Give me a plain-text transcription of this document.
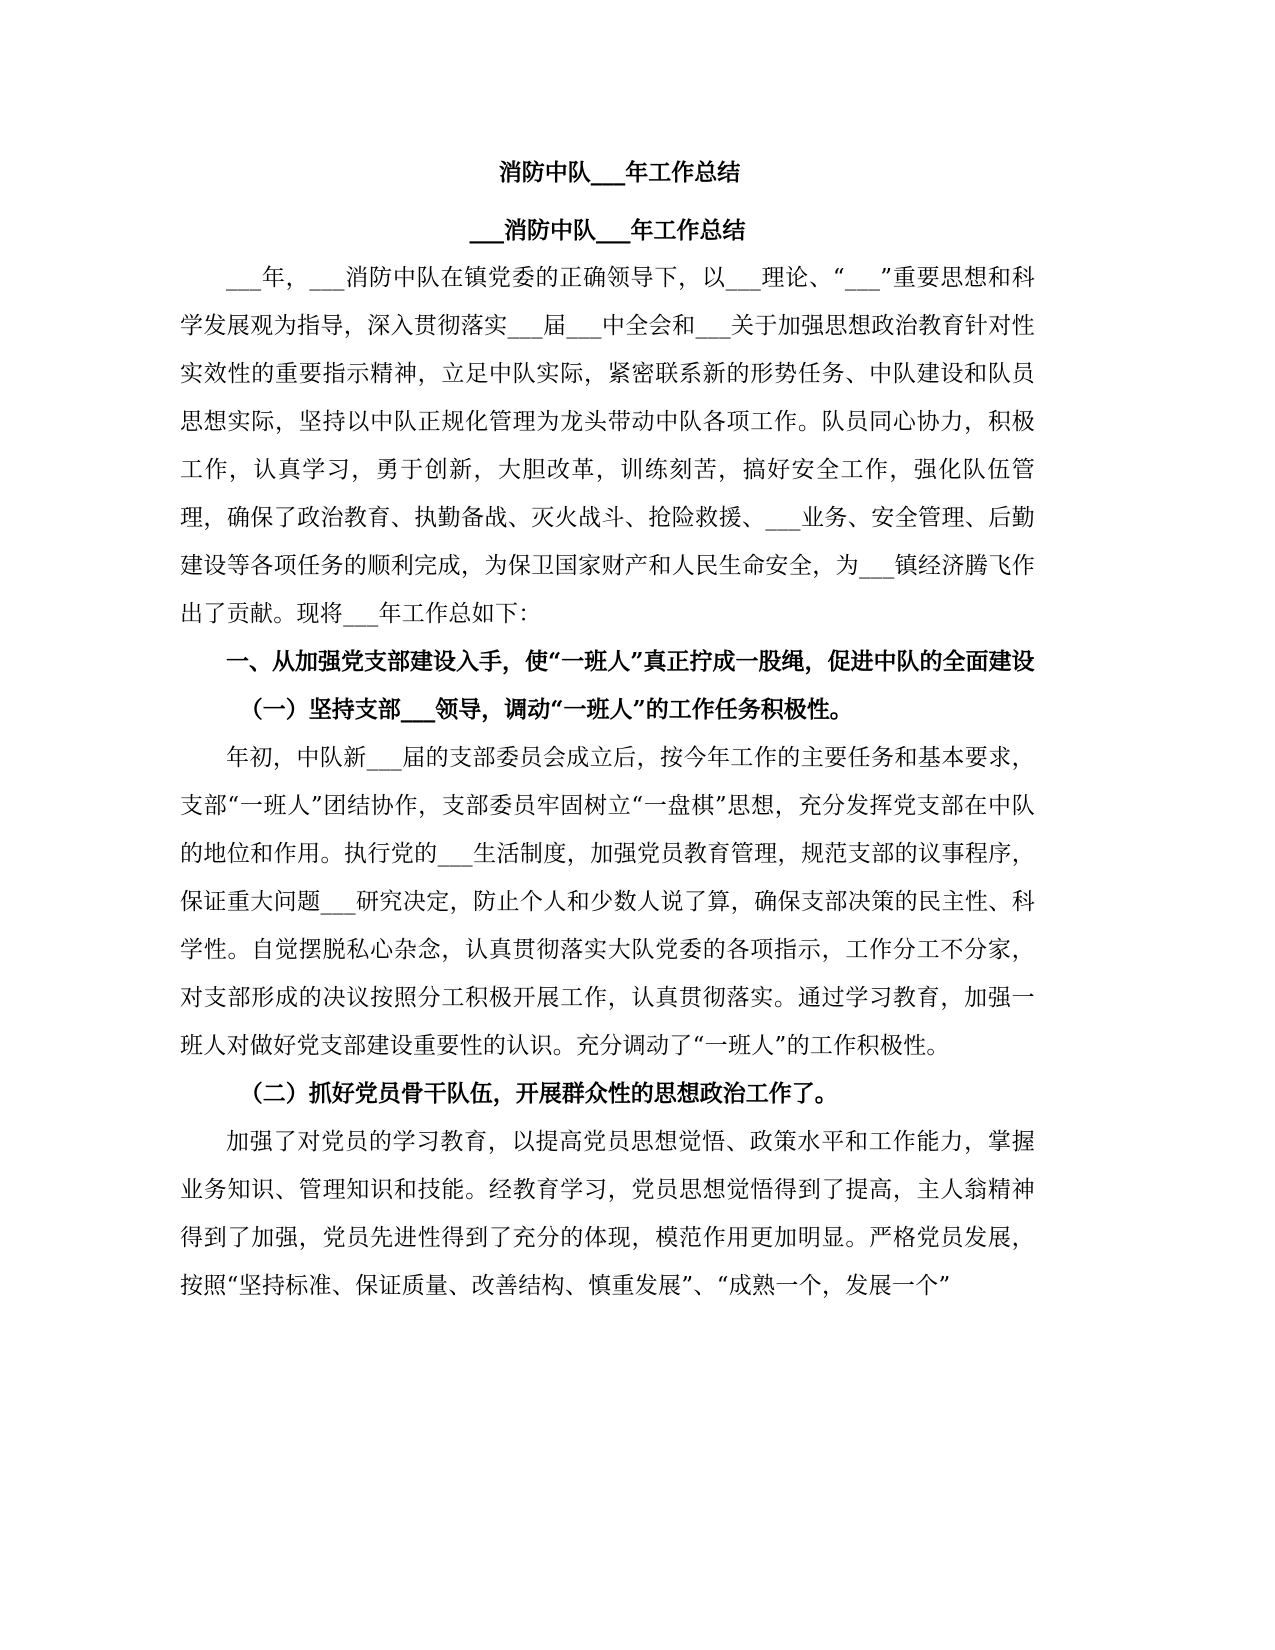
消防中队___年工作总结
___消防中队___年工作总结

___年，___消防中队在镇党委的正确领导下，以___理论、“___”重要思想和科学发展观为指导，深入贯彻落实___届___中全会和___关于加强思想政治教育针对性实效性的重要指示精神，立足中队实际，紧密联系新的形势任务、中队建设和队员思想实际，坚持以中队正规化管理为龙头带动中队各项工作。队员同心协力，积极工作，认真学习，勇于创新，大胆改革，训练刻苦，搞好安全工作，强化队伍管理，确保了政治教育、执勤备战、灭火战斗、抢险救援、___业务、安全管理、后勤建设等各项任务的顺利完成，为保卫国家财产和人民生命安全，为___镇经济腾飞作出了贡献。现将___年工作总如下：

一、从加强党支部建设入手，使“一班人”真正拧成一股绳，促进中队的全面建设

（一）坚持支部___领导，调动“一班人”的工作任务积极性。

年初，中队新___届的支部委员会成立后，按今年工作的主要任务和基本要求，支部“一班人”团结协作，支部委员牢固树立“一盘棋”思想，充分发挥党支部在中队的地位和作用。执行党的___生活制度，加强党员教育管理，规范支部的议事程序，保证重大问题___研究决定，防止个人和少数人说了算，确保支部决策的民主性、科学性。自觉摆脱私心杂念，认真贯彻落实大队党委的各项指示，工作分工不分家，对支部形成的决议按照分工积极开展工作，认真贯彻落实。通过学习教育，加强一班人对做好党支部建设重要性的认识。充分调动了“一班人”的工作积极性。

（二）抓好党员骨干队伍，开展群众性的思想政治工作了。

加强了对党员的学习教育，以提高党员思想觉悟、政策水平和工作能力，掌握业务知识、管理知识和技能。经教育学习，党员思想觉悟得到了提高，主人翁精神得到了加强，党员先进性得到了充分的体现，模范作用更加明显。严格党员发展，按照“坚持标准、保证质量、改善结构、慎重发展”、“成熟一个，发展一个”
